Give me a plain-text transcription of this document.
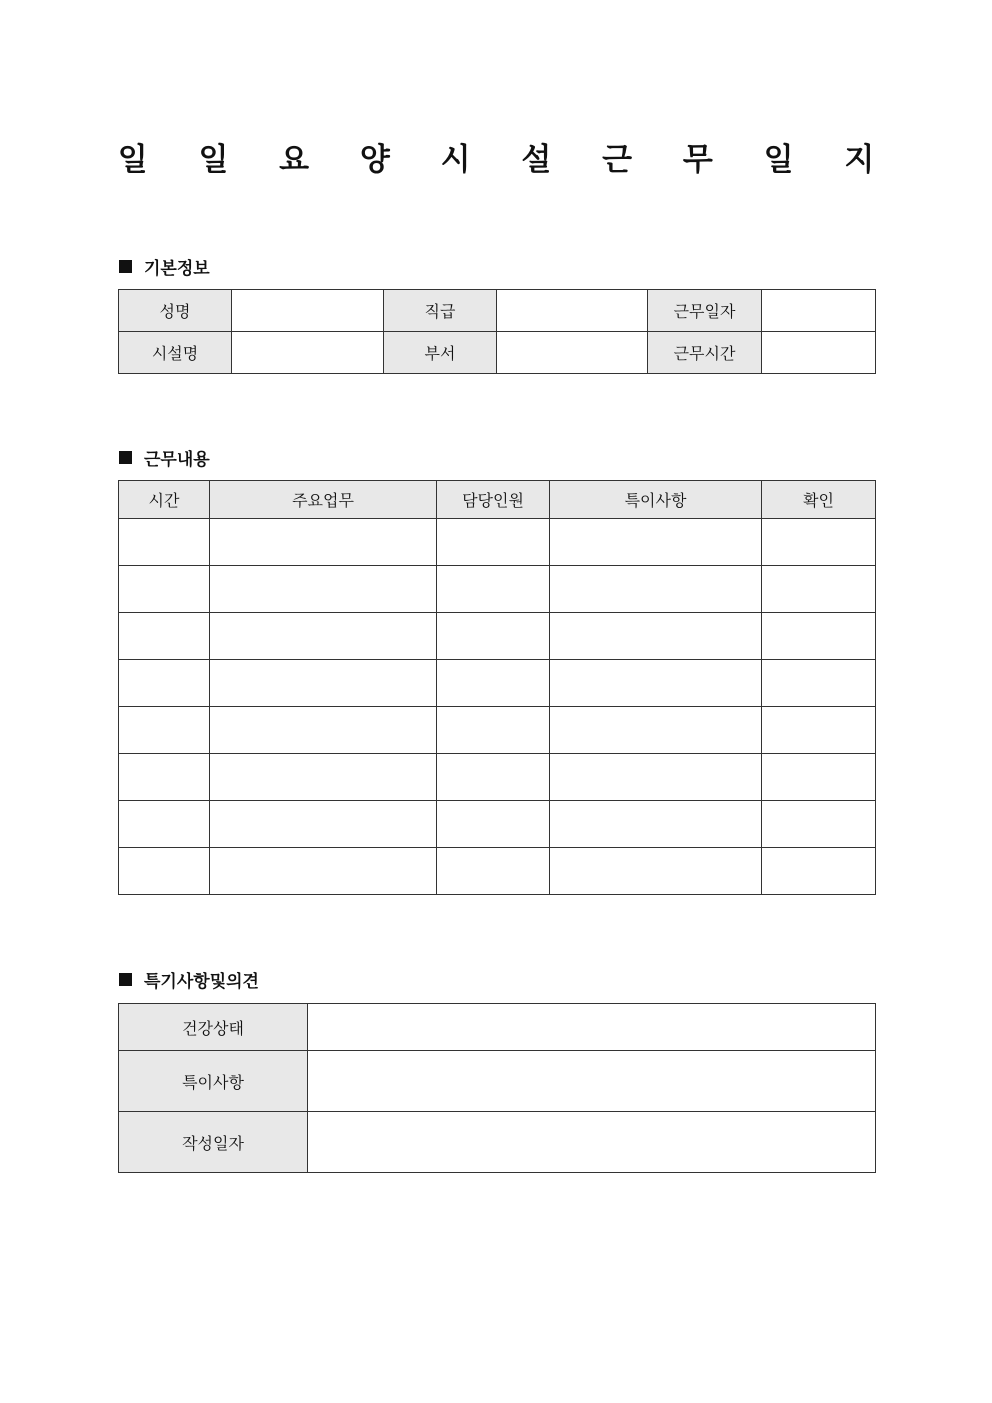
일 일 요 양 시 설 근 무 일 지
기본정보
성명		직급		근무일자	
시설명		부서		근무시간	
근무내용
시간	주요업무	담당인원	특이사항	확인

특기사항및의견
건강상태	
특이사항	
작성일자	
